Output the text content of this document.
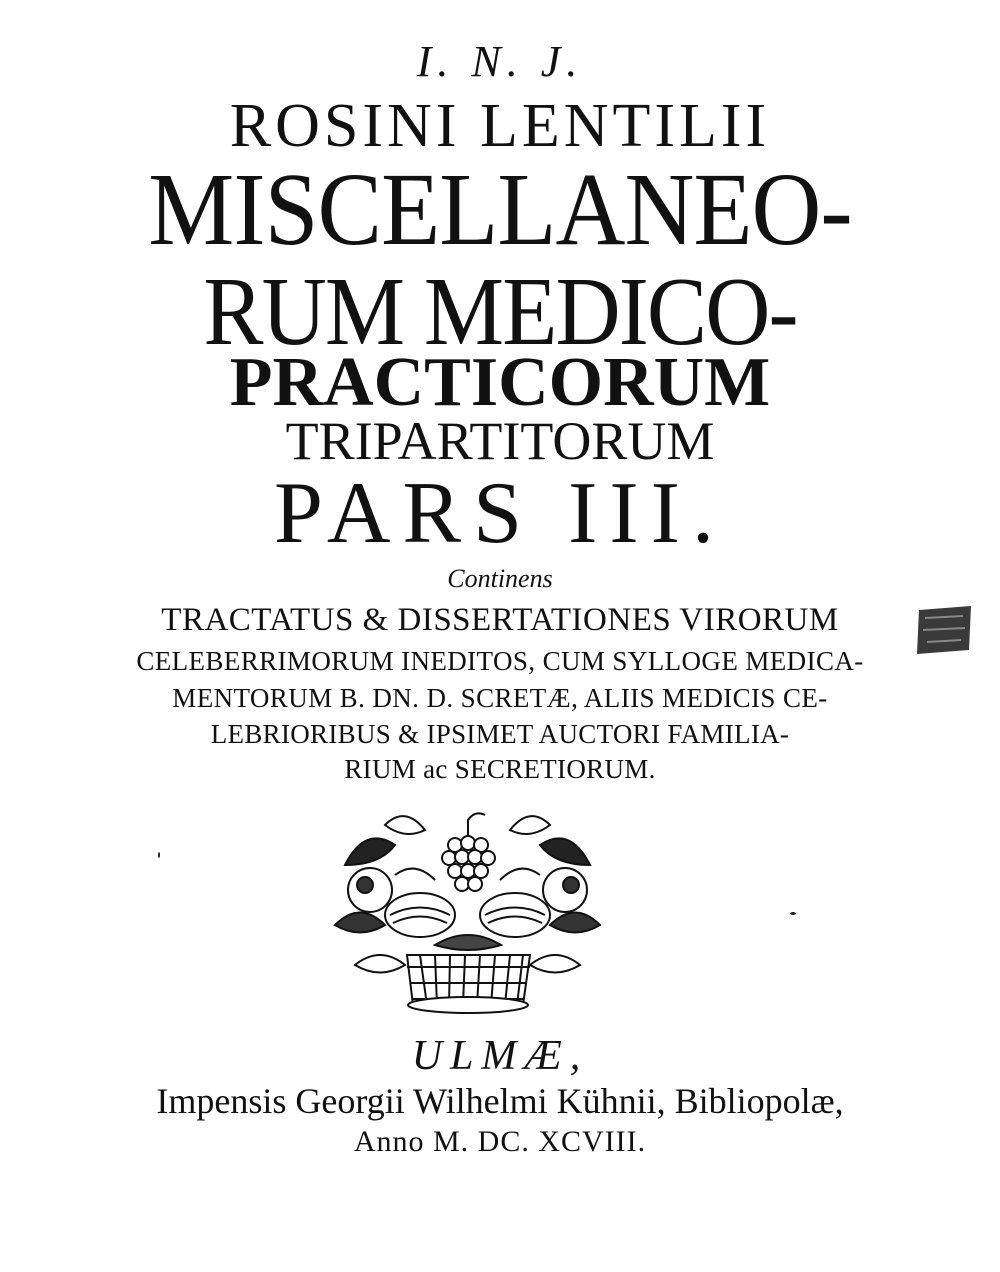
I. N. J.
ROSINI LENTILII
MISCELLANEO-
RUM MEDICO-
PRACTICORUM
TRIPARTITORUM
PARS III.
Continens
TRACTATUS & DISSERTATIONES VIRORUM
CELEBERRIMORUM INEDITOS, CUM SYLLOGE MEDICA-
MENTORUM B. DN. D. SCRETÆ, ALIIS MEDICIS CE-
LEBRIORIBUS & IPSIMET AUCTORI FAMILIA-
RIUM ac SECRETIORUM.
ULMÆ,
Impensis Georgii Wilhelmi Kühnii, Bibliopolæ,
Anno M. DC. XCVIII.
